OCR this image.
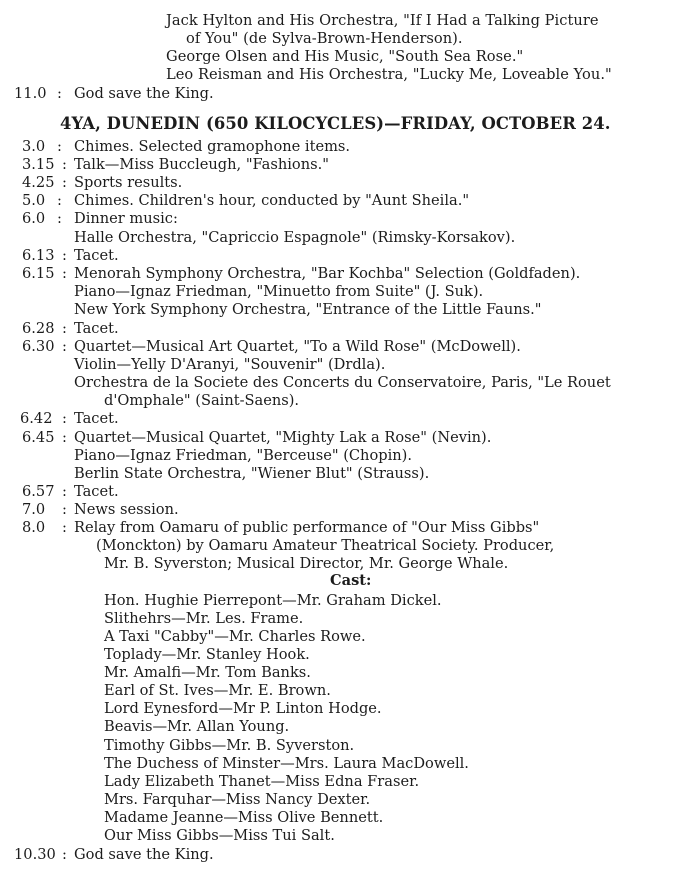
Jack Hylton and His Orchestra, "If I Had a Talking Picture
of You" (de Sylva-Brown-Henderson).
George Olsen and His Music, "South Sea Rose."
Leo Reisman and His Orchestra, "Lucky Me, Loveable You."
11.0 : God save the King.
4YA, DUNEDIN (650 KILOCYCLES)—FRIDAY, OCTOBER 24.
3.0 : Chimes. Selected gramophone items.
3.15 : Talk—Miss Buccleugh, "Fashions."
4.25 : Sports results.
5.0 : Chimes. Children's hour, conducted by "Aunt Sheila."
6.0 : Dinner music:
Halle Orchestra, "Capriccio Espagnole" (Rimsky-Korsakov).
6.13 : Tacet.
6.15 : Menorah Symphony Orchestra, "Bar Kochba" Selection (Goldfaden).
Piano—Ignaz Friedman, "Minuetto from Suite" (J. Suk).
New York Symphony Orchestra, "Entrance of the Little Fauns."
6.28 : Tacet.
6.30 : Quartet—Musical Art Quartet, "To a Wild Rose" (McDowell).
Violin—Yelly D'Aranyi, "Souvenir" (Drdla).
Orchestra de la Societe des Concerts du Conservatoire, Paris, "Le Rouet
d'Omphale" (Saint-Saens).
6.42 : Tacet.
6.45 : Quartet—Musical Quartet, "Mighty Lak a Rose" (Nevin).
Piano—Ignaz Friedman, "Berceuse" (Chopin).
Berlin State Orchestra, "Wiener Blut" (Strauss).
6.57 : Tacet.
7.0 : News session.
8.0 : Relay from Oamaru of public performance of "Our Miss Gibbs"
(Monckton) by Oamaru Amateur Theatrical Society. Producer,
Mr. B. Syverston; Musical Director, Mr. George Whale.
Cast:
Hon. Hughie Pierrepont—Mr. Graham Dickel.
Slithehrs—Mr. Les. Frame.
A Taxi "Cabby"—Mr. Charles Rowe.
Toplady—Mr. Stanley Hook.
Mr. Amalfi—Mr. Tom Banks.
Earl of St. Ives—Mr. E. Brown.
Lord Eynesford—Mr P. Linton Hodge.
Beavis—Mr. Allan Young.
Timothy Gibbs—Mr. B. Syverston.
The Duchess of Minster—Mrs. Laura MacDowell.
Lady Elizabeth Thanet—Miss Edna Fraser.
Mrs. Farquhar—Miss Nancy Dexter.
Madame Jeanne—Miss Olive Bennett.
Our Miss Gibbs—Miss Tui Salt.
10.30 : God save the King.
